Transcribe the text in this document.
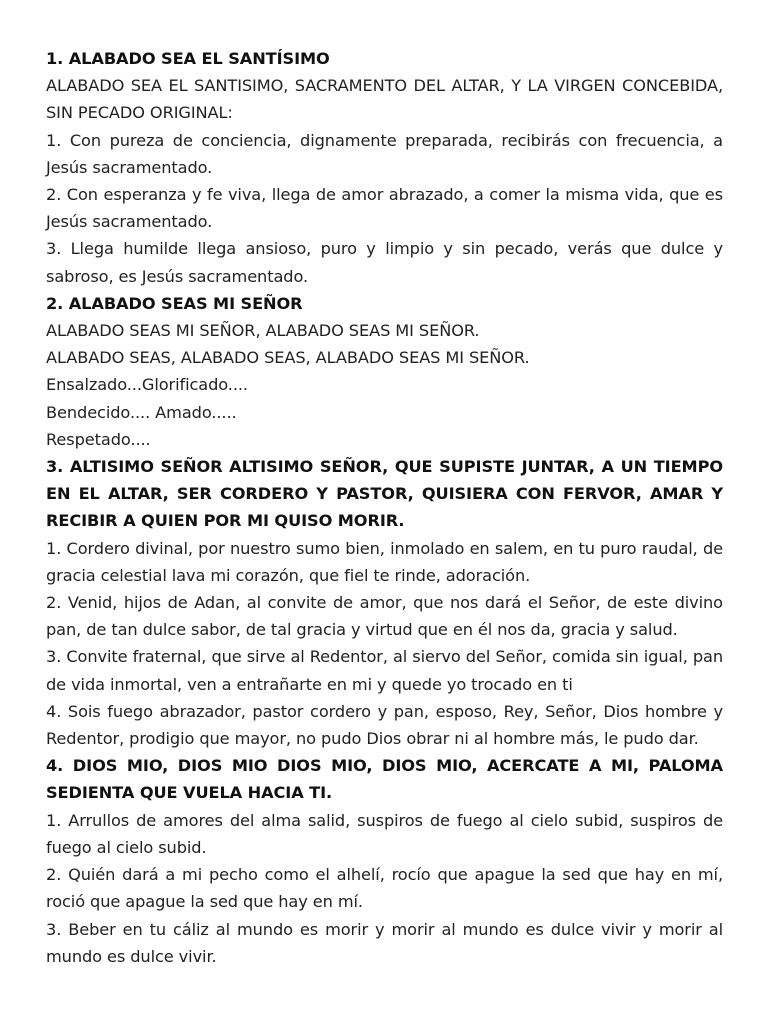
1. ALABADO SEA EL SANTÍSIMO

ALABADO SEA EL SANTISIMO, SACRAMENTO DEL ALTAR, Y LA VIRGEN CONCEBIDA, SIN PECADO ORIGINAL:

1. Con pureza de conciencia, dignamente preparada, recibirás con frecuencia, a Jesús sacramentado.

2. Con esperanza y fe viva, llega de amor abrazado, a comer la misma vida, que es Jesús sacramentado.

3. Llega humilde llega ansioso, puro y limpio y sin pecado, verás que dulce y sabroso, es Jesús sacramentado.

2. ALABADO SEAS MI SEÑOR

ALABADO SEAS MI SEÑOR, ALABADO SEAS MI SEÑOR.

ALABADO SEAS, ALABADO SEAS, ALABADO SEAS MI SEÑOR.

Ensalzado...Glorificado....

Bendecido.... Amado.....

Respetado....

3. ALTISIMO SEÑOR ALTISIMO SEÑOR, QUE SUPISTE JUNTAR, A UN TIEMPO EN EL ALTAR, SER CORDERO Y PASTOR, QUISIERA CON FERVOR, AMAR Y RECIBIR A QUIEN POR MI QUISO MORIR.

1. Cordero divinal, por nuestro sumo bien, inmolado en salem, en tu puro raudal, de gracia celestial lava mi corazón, que fiel te rinde, adoración.

2. Venid, hijos de Adan, al convite de amor, que nos dará el Señor, de este divino pan, de tan dulce sabor, de tal gracia y virtud que en él nos da, gracia y salud.

3. Convite fraternal, que sirve al Redentor, al siervo del Señor, comida sin igual, pan de vida inmortal, ven a entrañarte en mi y quede yo trocado en ti

4. Sois fuego abrazador, pastor cordero y pan, esposo, Rey, Señor, Dios hombre y Redentor, prodigio que mayor, no pudo Dios obrar ni al hombre más, le pudo dar.

4. DIOS MIO, DIOS MIO DIOS MIO, DIOS MIO, ACERCATE A MI, PALOMA SEDIENTA QUE VUELA HACIA TI.

1. Arrullos de amores del alma salid, suspiros de fuego al cielo subid, suspiros de fuego al cielo subid.

2. Quién dará a mi pecho como el alhelí, rocío que apague la sed que hay en mí, roció que apague la sed que hay en mí.

3. Beber en tu cáliz al mundo es morir y morir al mundo es dulce vivir y morir al mundo es dulce vivir.
